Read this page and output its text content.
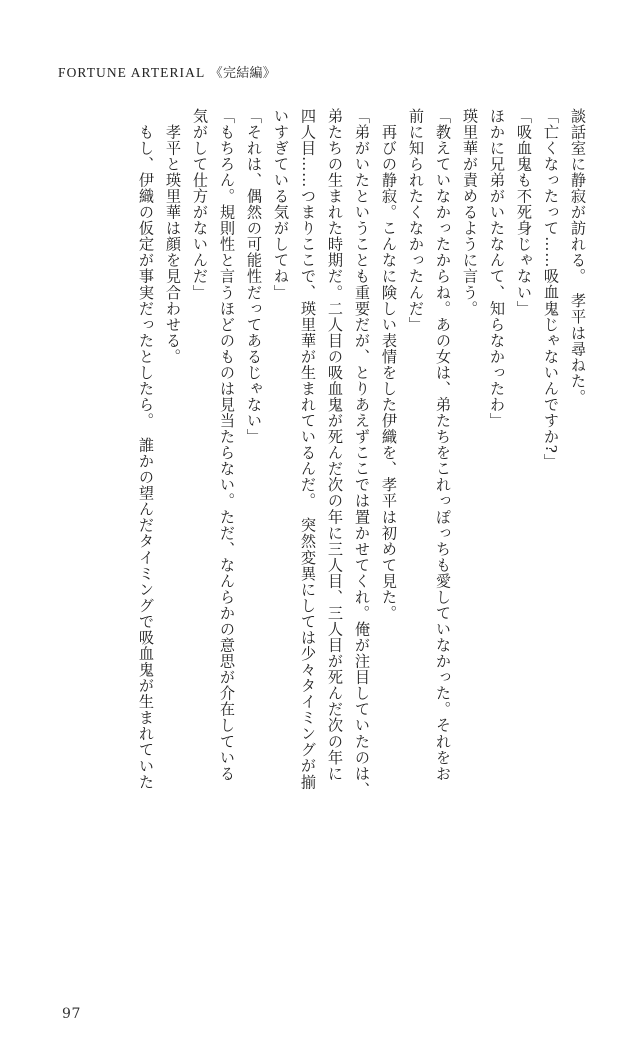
FORTUNE ARTERIAL 《完結編》
談話室に静寂が訪れる。　孝平は尋ねた。
「亡くなったって……吸血鬼じゃないんですか?」
「吸血鬼も不死身じゃない」
ほかに兄弟がいたなんて、知らなかったわ」
瑛里華が責めるように言う。
「教えていなかったからね。あの女は、弟たちをこれっぽっちも愛していなかった。それをお
前に知られたくなかったんだ」
　再びの静寂。こんなに険しい表情をした伊織を、孝平は初めて見た。
「弟がいたということも重要だが、とりあえずここでは置かせてくれ。俺が注目していたのは、
弟たちの生まれた時期だ。二人目の吸血鬼が死んだ次の年に三人目、三人目が死んだ次の年に
四人目……つまりここで、瑛里華が生まれているんだ。　突然変異にしては少々タイミングが揃
いすぎている気がしてね」
「それは、偶然の可能性だってあるじゃない」
「もちろん。規則性と言うほどのものは見当たらない。ただ、なんらかの意思が介在している
気がして仕方がないんだ」
　孝平と瑛里華は顔を見合わせる。
　もし、伊織の仮定が事実だったとしたら。　誰かの望んだタイミングで吸血鬼が生まれていた
97
